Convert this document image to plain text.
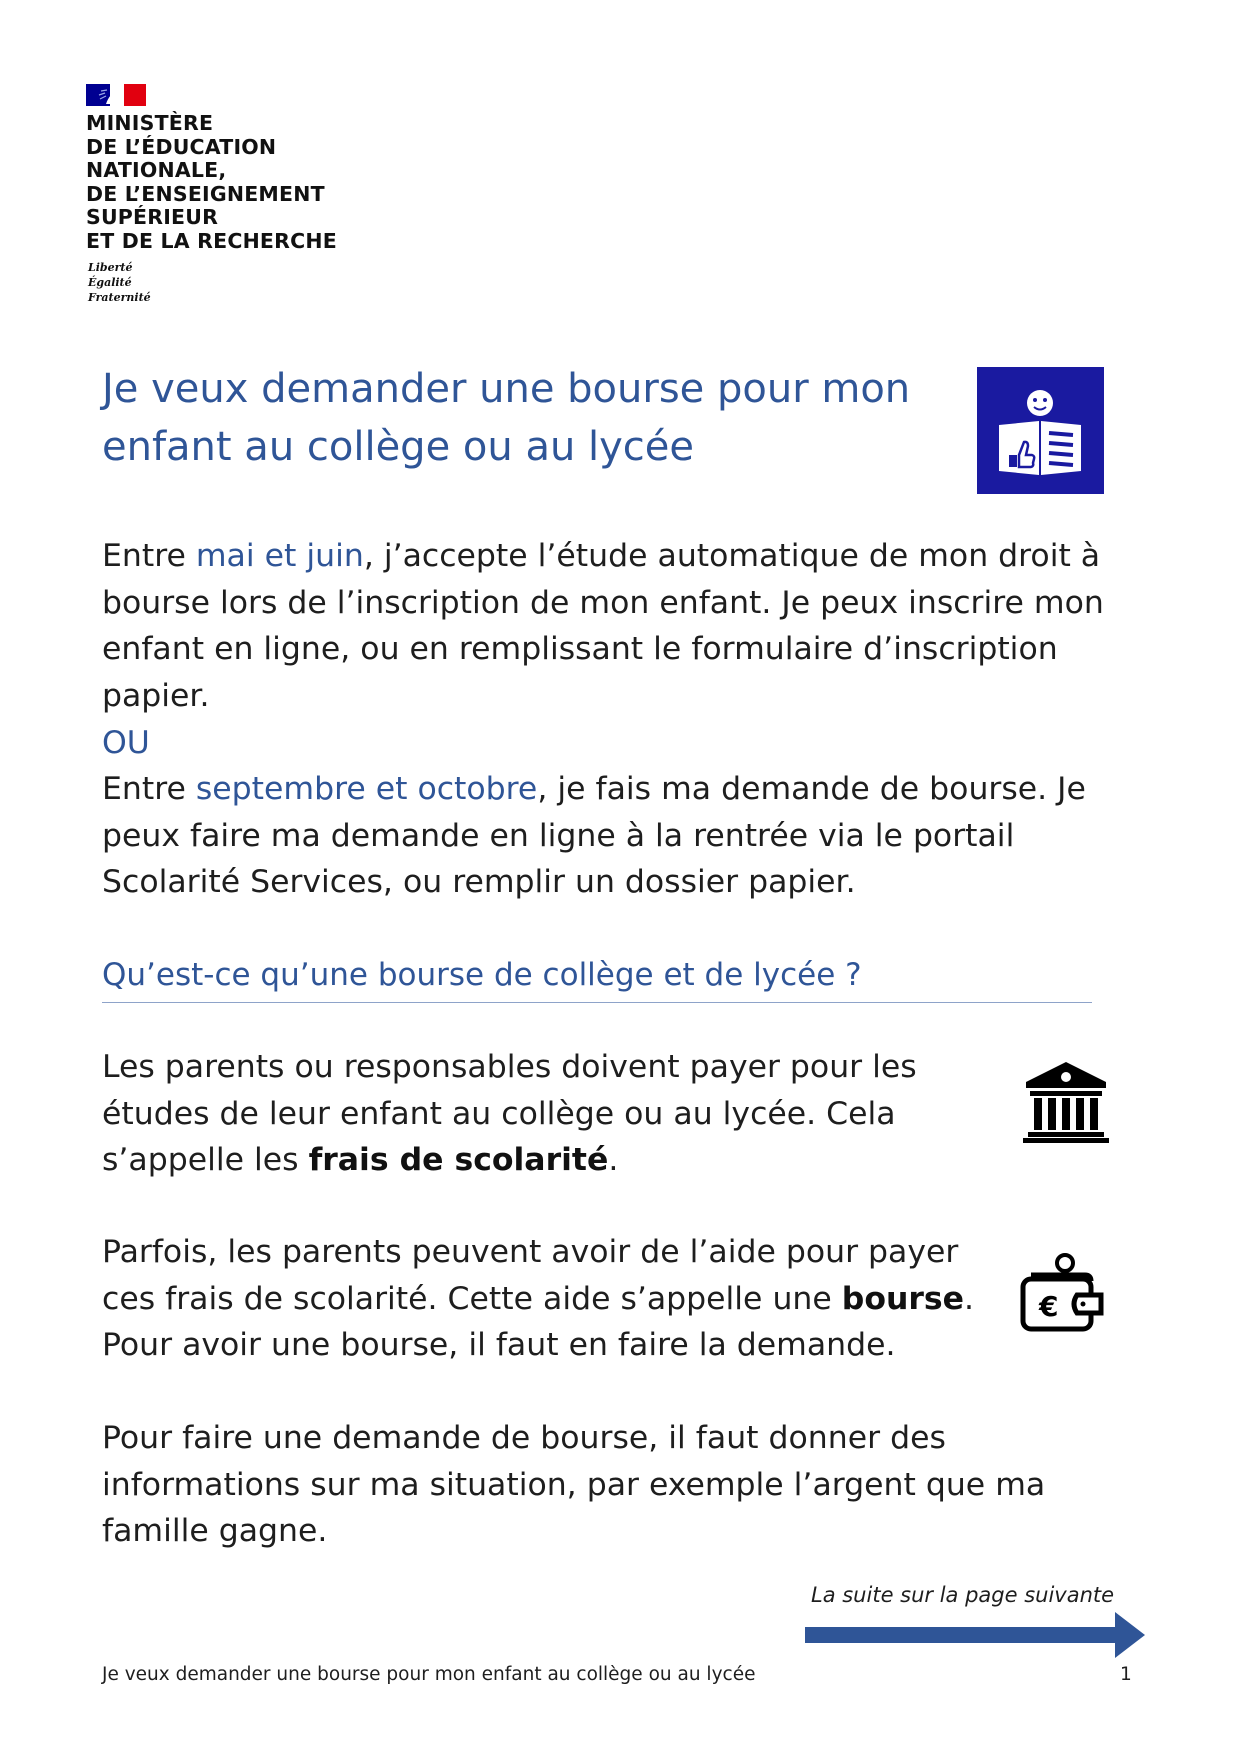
MINISTÈRE
DE L’ÉDUCATION
NATIONALE,
DE L’ENSEIGNEMENT
SUPÉRIEUR
ET DE LA RECHERCHE

Liberté
Égalité
Fraternité

Je veux demander une bourse pour mon
enfant au collège ou au lycée

Entre mai et juin, j’accepte l’étude automatique de mon droit à bourse lors de l’inscription de mon enfant. Je peux inscrire mon enfant en ligne, ou en remplissant le formulaire d’inscription papier.

OU

Entre septembre et octobre, je fais ma demande de bourse. Je peux faire ma demande en ligne à la rentrée via le portail Scolarité Services, ou remplir un dossier papier.

Qu’est-ce qu’une bourse de collège et de lycée ?

Les parents ou responsables doivent payer pour les études de leur enfant au collège ou au lycée. Cela s’appelle les frais de scolarité.

Parfois, les parents peuvent avoir de l’aide pour payer ces frais de scolarité. Cette aide s’appelle une bourse. Pour avoir une bourse, il faut en faire la demande.

€

Pour faire une demande de bourse, il faut donner des informations sur ma situation, par exemple l’argent que ma famille gagne.

La suite sur la page suivante

Je veux demander une bourse pour mon enfant au collège ou au lycée	1
